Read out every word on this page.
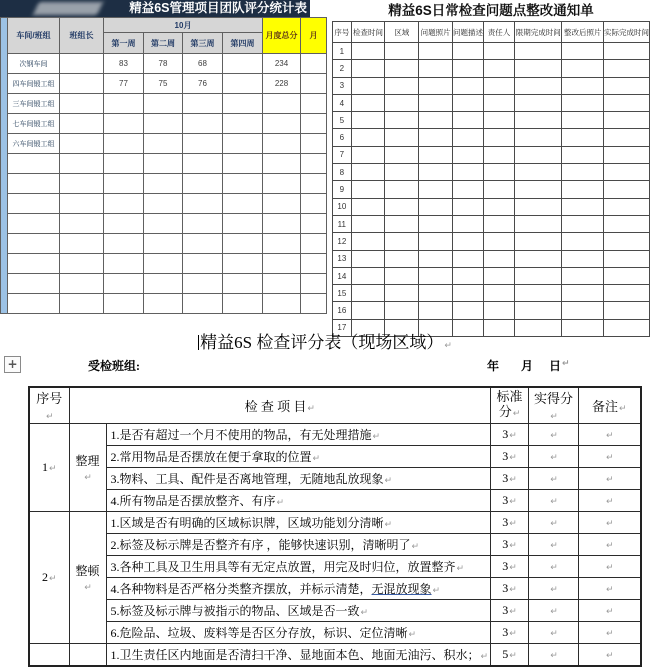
精益6S管理项目团队评分统计表
	车间/班组	班组长	10月				月度总分	月
			第一周	第二周	第三周	第四周		
	次钢车间		83	78	68		234	
	四车间锻工组		77	75	76		228	
	三车间锻工组							
	七车间锻工组							
	六车间锻工组							

精益6S日常检查问题点整改通知单
序号	检查时间	区域	问题照片	问题描述	责任人	限期完成时间	整改后照片	实际完成时间
1								
2								
3								
4								
5								
6								
7								
8								
9								
10								
11								
12								
13								
14								
15								
16								
17								
精益6S 检查评分表（现场区域）↵
+	受检班组:	年 月 日 ↵
序号↵	检 查 项 目↵		标准分↵	实得分↵	备注↵
1↵	整理↵	1.是否有超过一个月不使用的物品，有无处理措施↵	3↵	↵	↵
		2.常用物品是否摆放在便于拿取的位置↵	3↵	↵	↵
		3.物料、工具、配件是否离地管理，无随地乱放现象↵	3↵	↵	↵
		4.所有物品是否摆放整齐、有序↵	3↵	↵	↵
2↵	整顿↵	1.区域是否有明确的区域标识牌，区域功能划分清晰↵	3↵	↵	↵
		2.标签及标示牌是否整齐有序 ，能够快速识别，清晰明了↵	3↵	↵	↵
		3.各种工具及卫生用具等有无定点放置，用完及时归位，放置整齐↵	3↵	↵	↵
		4.各种物料是否严格分类整齐摆放，并标示清楚，无混放现象↵	3↵	↵	↵
		5.标签及标示牌与被指示的物品、区域是否一致↵	3↵	↵	↵
		6.危险品、垃圾、废料等是否区分存放，标识、定位清晰↵	3↵	↵	↵
		1.卫生责任区内地面是否清扫干净、显地面本色、地面无油污、积水；↵	5↵	↵	↵
